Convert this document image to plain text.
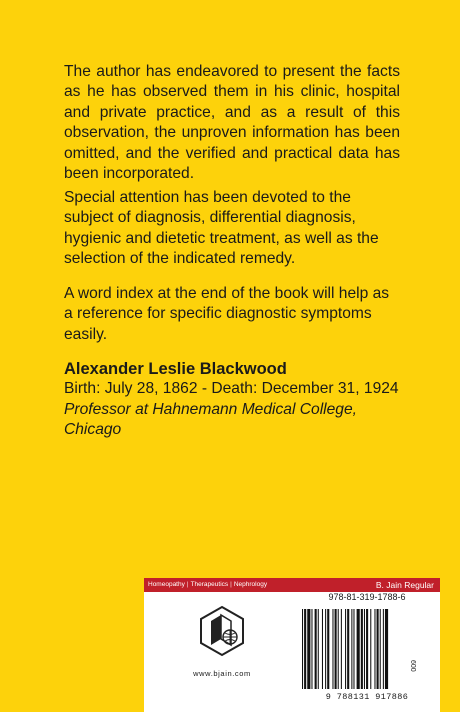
The author has endeavored to present the facts as he has observed them in his clinic, hospital and private practice, and as a result of this observation, the unproven information has been omitted, and the verified and practical data has been incorporated.

Special attention has been devoted to the subject of diagnosis, differential diagnosis, hygienic and dietetic treatment, as well as the selection of the indicated remedy.

A word index at the end of the book will help as a reference for specific diagnostic symptoms easily.

Alexander Leslie Blackwood
Birth: July 28, 1862 - Death: December 31, 1924
Professor at Hahnemann Medical College, Chicago
Homeopathy | Therapeutics | Nephrology	B. Jain Regular
www.bjain.com
978-81-319-1788-6
600
9 788131 917886
